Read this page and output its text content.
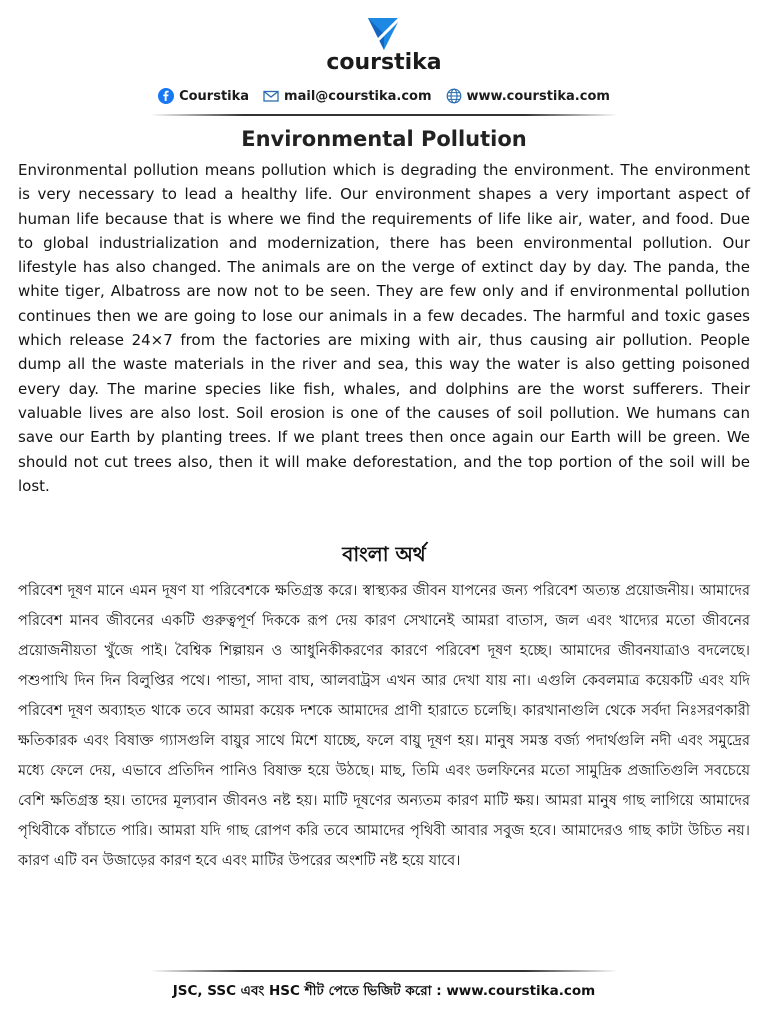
courstika
Courstika	mail@courstika.com	www.courstika.com
Environmental Pollution

Environmental pollution means pollution which is degrading the environment. The environment is very necessary to lead a healthy life. Our environment shapes a very important aspect of human life because that is where we find the requirements of life like air, water, and food. Due to global industrialization and modernization, there has been environmental pollution. Our lifestyle has also changed. The animals are on the verge of extinct day by day. The panda, the white tiger, Albatross are now not to be seen. They are few only and if environmental pollution continues then we are going to lose our animals in a few decades. The harmful and toxic gases which release 24×7 from the factories are mixing with air, thus causing air pollution. People dump all the waste materials in the river and sea, this way the water is also getting poisoned every day. The marine species like fish, whales, and dolphins are the worst sufferers. Their valuable lives are also lost. Soil erosion is one of the causes of soil pollution. We humans can save our Earth by planting trees. If we plant trees then once again our Earth will be green. We should not cut trees also, then it will make deforestation, and the top portion of the soil will be lost.

বাংলা অর্থ

পরিবেশ দূষণ মানে এমন দূষণ যা পরিবেশকে ক্ষতিগ্রস্ত করে। স্বাস্থ্যকর জীবন যাপনের জন্য পরিবেশ অত্যন্ত প্রয়োজনীয়। আমাদের পরিবেশ মানব জীবনের একটি গুরুত্বপূর্ণ দিককে রূপ দেয় কারণ সেখানেই আমরা বাতাস, জল এবং খাদ্যের মতো জীবনের প্রয়োজনীয়তা খুঁজে পাই। বৈশ্বিক শিল্পায়ন ও আধুনিকীকরণের কারণে পরিবেশ দূষণ হচ্ছে। আমাদের জীবনযাত্রাও বদলেছে। পশুপাখি দিন দিন বিলুপ্তির পথে। পান্ডা, সাদা বাঘ, আলবাট্রস এখন আর দেখা যায় না। এগুলি কেবলমাত্র কয়েকটি এবং যদি পরিবেশ দূষণ অব্যাহত থাকে তবে আমরা কয়েক দশকে আমাদের প্রাণী হারাতে চলেছি। কারখানাগুলি থেকে সর্বদা নিঃসরণকারী ক্ষতিকারক এবং বিষাক্ত গ্যাসগুলি বায়ুর সাথে মিশে যাচ্ছে, ফলে বায়ু দূষণ হয়। মানুষ সমস্ত বর্জ্য পদার্থগুলি নদী এবং সমুদ্রের মধ্যে ফেলে দেয়, এভাবে প্রতিদিন পানিও বিষাক্ত হয়ে উঠছে। মাছ, তিমি এবং ডলফিনের মতো সামুদ্রিক প্রজাতিগুলি সবচেয়ে বেশি ক্ষতিগ্রস্ত হয়। তাদের মূল্যবান জীবনও নষ্ট হয়। মাটি দূষণের অন্যতম কারণ মাটি ক্ষয়। আমরা মানুষ গাছ লাগিয়ে আমাদের পৃথিবীকে বাঁচাতে পারি। আমরা যদি গাছ রোপণ করি তবে আমাদের পৃথিবী আবার সবুজ হবে। আমাদেরও গাছ কাটা উচিত নয়। কারণ এটি বন উজাড়ের কারণ হবে এবং মাটির উপরের অংশটি নষ্ট হয়ে যাবে।

JSC, SSC এবং HSC শীট পেতে ভিজিট করো : www.courstika.com
